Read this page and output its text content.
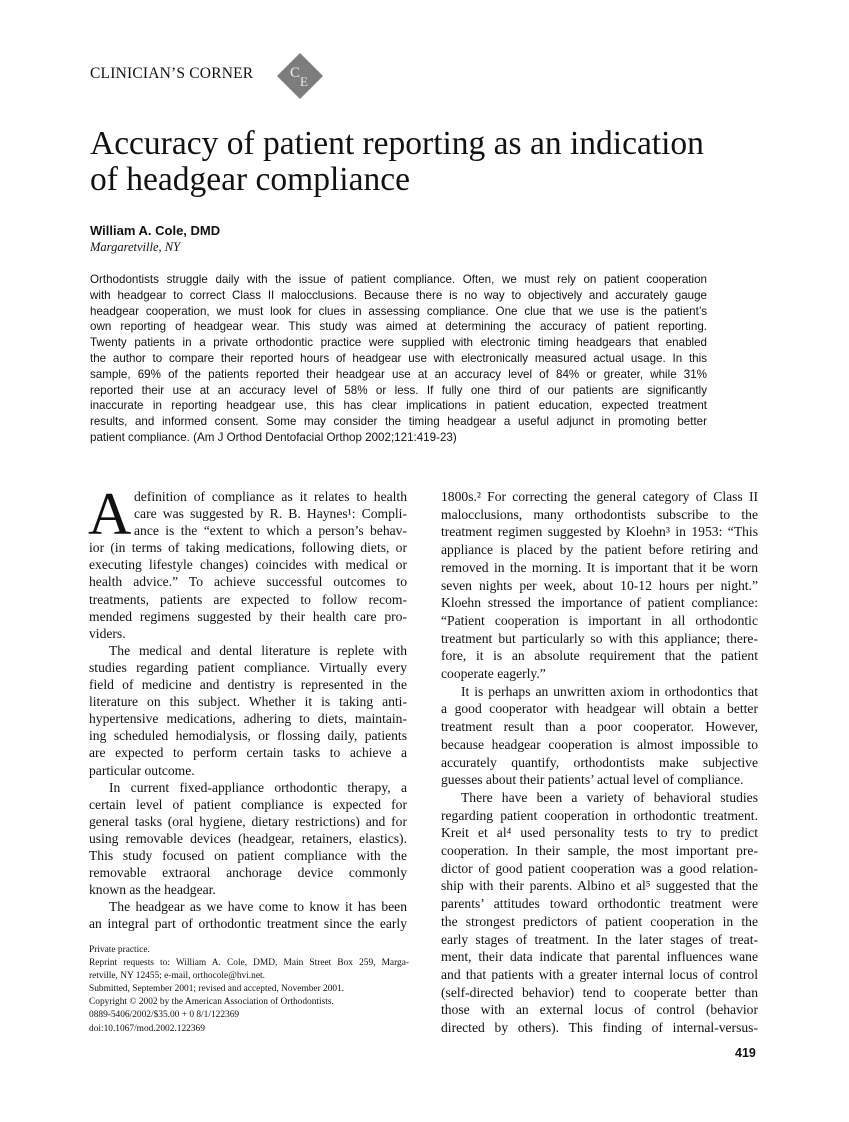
CLINICIAN’S CORNER C
E
Accuracy of patient reporting as an indication
of headgear compliance
William A. Cole, DMD
Margaretville, NY
Orthodontists struggle daily with the issue of patient compliance. Often, we must rely on patient cooperation
with headgear to correct Class II malocclusions. Because there is no way to objectively and accurately gauge
headgear cooperation, we must look for clues in assessing compliance. One clue that we use is the patient’s
own reporting of headgear wear. This study was aimed at determining the accuracy of patient reporting.
Twenty patients in a private orthodontic practice were supplied with electronic timing headgears that enabled
the author to compare their reported hours of headgear use with electronically measured actual usage. In this
sample, 69% of the patients reported their headgear use at an accuracy level of 84% or greater, while 31%
reported their use at an accuracy level of 58% or less. If fully one third of our patients are significantly
inaccurate in reporting headgear use, this has clear implications in patient education, expected treatment
results, and informed consent. Some may consider the timing headgear a useful adjunct in promoting better
patient compliance. (Am J Orthod Dentofacial Orthop 2002;121:419-23)
A definition of compliance as it relates to health
care was suggested by R. B. Haynes¹: Compli-
ance is the “extent to which a person’s behav-
ior (in terms of taking medications, following diets, or
executing lifestyle changes) coincides with medical or
health advice.” To achieve successful outcomes to
treatments, patients are expected to follow recom-
mended regimens suggested by their health care pro-
viders.
The medical and dental literature is replete with
studies regarding patient compliance. Virtually every
field of medicine and dentistry is represented in the
literature on this subject. Whether it is taking anti-
hypertensive medications, adhering to diets, maintain-
ing scheduled hemodialysis, or flossing daily, patients
are expected to perform certain tasks to achieve a
particular outcome.
In current fixed-appliance orthodontic therapy, a
certain level of patient compliance is expected for
general tasks (oral hygiene, dietary restrictions) and for
using removable devices (headgear, retainers, elastics).
This study focused on patient compliance with the
removable extraoral anchorage device commonly
known as the headgear.
The headgear as we have come to know it has been
an integral part of orthodontic treatment since the early
1800s.² For correcting the general category of Class II
malocclusions, many orthodontists subscribe to the
treatment regimen suggested by Kloehn³ in 1953: “This
appliance is placed by the patient before retiring and
removed in the morning. It is important that it be worn
seven nights per week, about 10-12 hours per night.”
Kloehn stressed the importance of patient compliance:
“Patient cooperation is important in all orthodontic
treatment but particularly so with this appliance; there-
fore, it is an absolute requirement that the patient
cooperate eagerly.”
It is perhaps an unwritten axiom in orthodontics that
a good cooperator with headgear will obtain a better
treatment result than a poor cooperator. However,
because headgear cooperation is almost impossible to
accurately quantify, orthodontists make subjective
guesses about their patients’ actual level of compliance.
There have been a variety of behavioral studies
regarding patient cooperation in orthodontic treatment.
Kreit et al⁴ used personality tests to try to predict
cooperation. In their sample, the most important pre-
dictor of good patient cooperation was a good relation-
ship with their parents. Albino et al⁵ suggested that the
parents’ attitudes toward orthodontic treatment were
the strongest predictors of patient cooperation in the
early stages of treatment. In the later stages of treat-
ment, their data indicate that parental influences wane
and that patients with a greater internal locus of control
(self-directed behavior) tend to cooperate better than
those with an external locus of control (behavior
directed by others). This finding of internal-versus-
Private practice.
Reprint requests to: William A. Cole, DMD, Main Street Box 259, Marga-
retville, NY 12455; e-mail, orthocole@hvi.net.
Submitted, September 2001; revised and accepted, November 2001.
Copyright © 2002 by the American Association of Orthodontists.
0889-5406/2002/$35.00 + 0 8/1/122369
doi:10.1067/mod.2002.122369
419
